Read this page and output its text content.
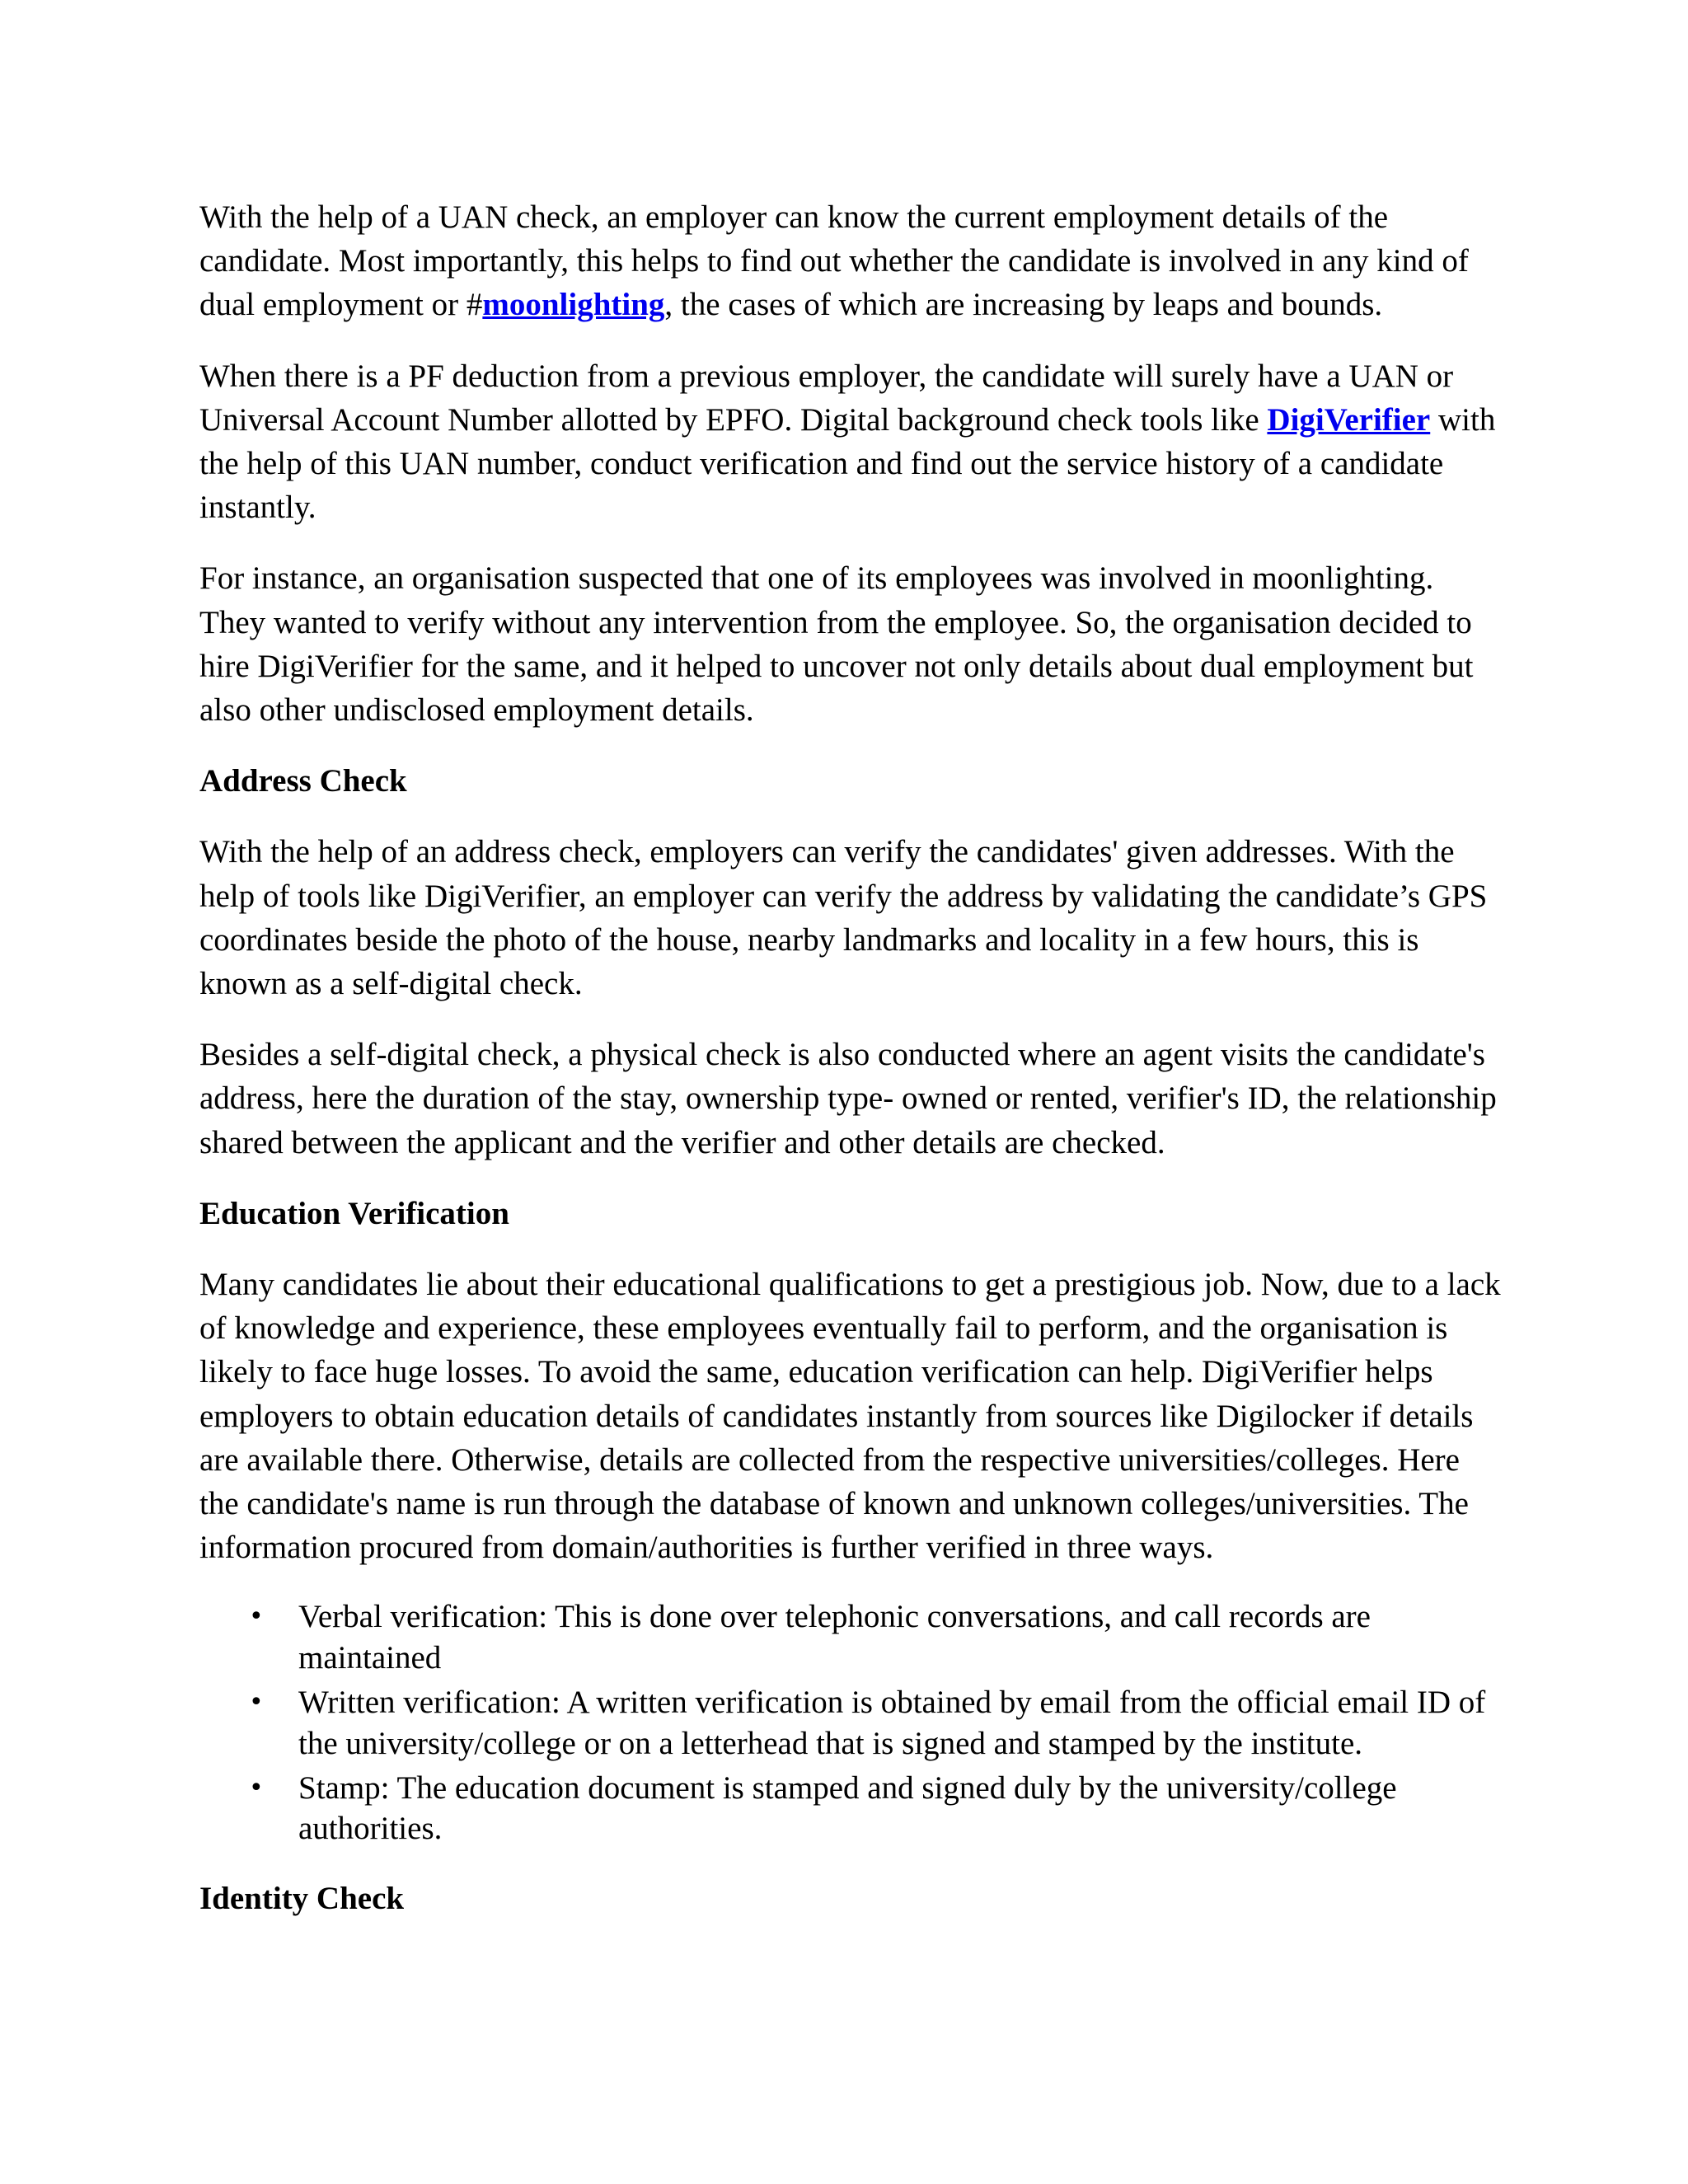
With the help of a UAN check, an employer can know the current employment details of the candidate. Most importantly, this helps to find out whether the candidate is involved in any kind of dual employment or #moonlighting, the cases of which are increasing by leaps and bounds.

When there is a PF deduction from a previous employer, the candidate will surely have a UAN or Universal Account Number allotted by EPFO. Digital background check tools like DigiVerifier with the help of this UAN number, conduct verification and find out the service history of a candidate instantly.

For instance, an organisation suspected that one of its employees was involved in moonlighting. They wanted to verify without any intervention from the employee. So, the organisation decided to hire DigiVerifier for the same, and it helped to uncover not only details about dual employment but also other undisclosed employment details.

Address Check

With the help of an address check, employers can verify the candidates' given addresses. With the help of tools like DigiVerifier, an employer can verify the address by validating the candidate’s GPS coordinates beside the photo of the house, nearby landmarks and locality in a few hours, this is known as a self-digital check.

Besides a self-digital check, a physical check is also conducted where an agent visits the candidate's address, here the duration of the stay, ownership type- owned or rented, verifier's ID, the relationship shared between the applicant and the verifier and other details are checked.

Education Verification

Many candidates lie about their educational qualifications to get a prestigious job. Now, due to a lack of knowledge and experience, these employees eventually fail to perform, and the organisation is likely to face huge losses. To avoid the same, education verification can help. DigiVerifier helps employers to obtain education details of candidates instantly from sources like Digilocker if details are available there. Otherwise, details are collected from the respective universities/colleges. Here the candidate's name is run through the database of known and unknown colleges/universities. The information procured from domain/authorities is further verified in three ways.

• Verbal verification: This is done over telephonic conversations, and call records are maintained
• Written verification: A written verification is obtained by email from the official email ID of the university/college or on a letterhead that is signed and stamped by the institute.
• Stamp: The education document is stamped and signed duly by the university/college authorities.
Identity Check
